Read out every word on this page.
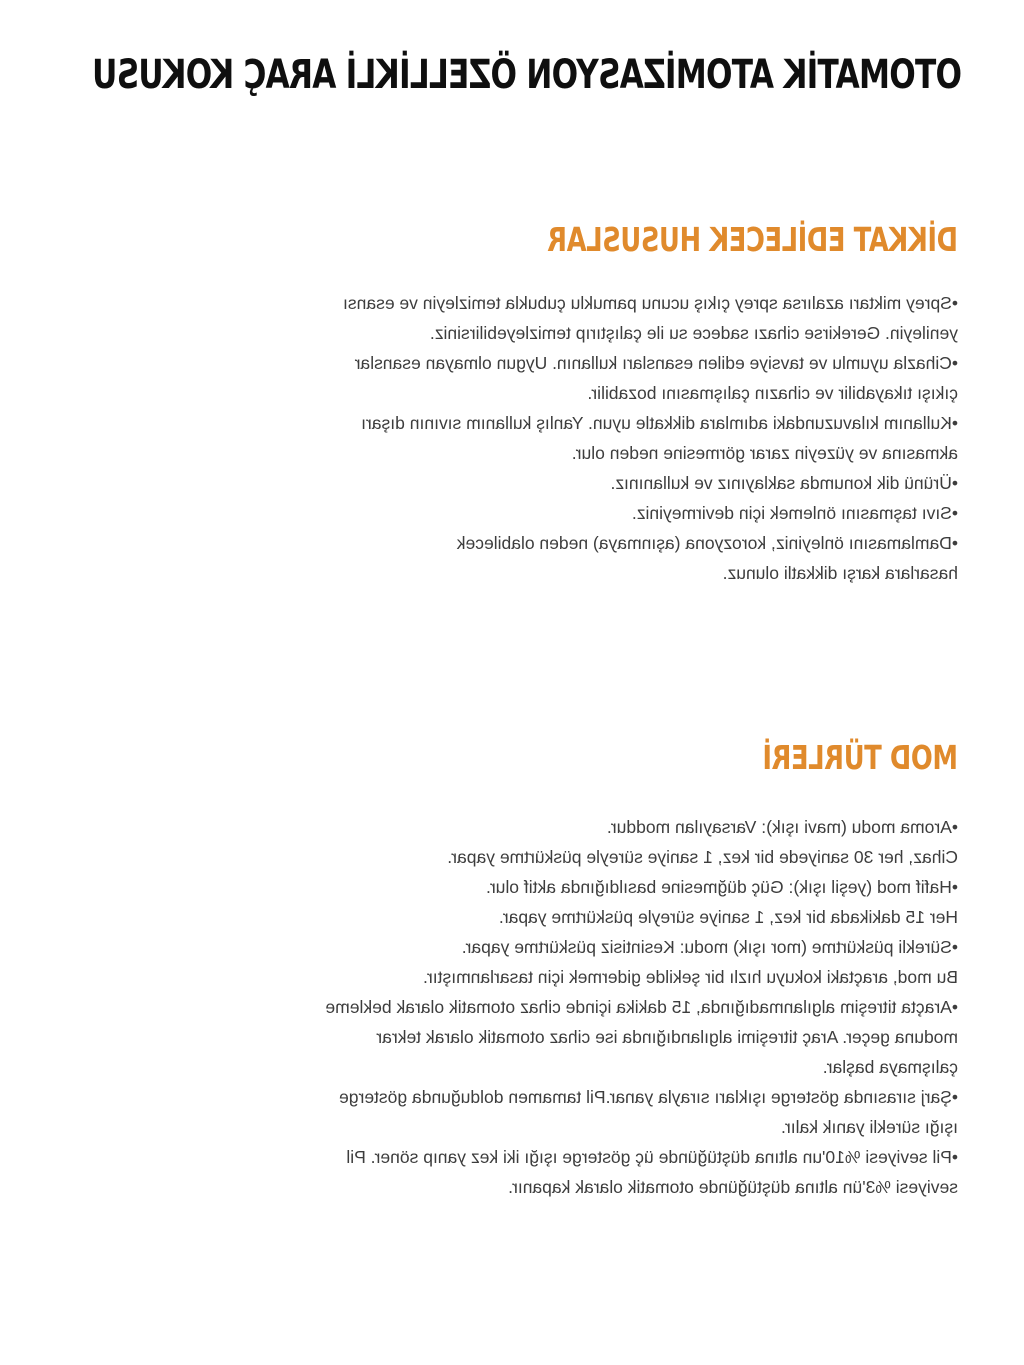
OTOMATİK ATOMİZASYON ÖZELLİKLİ ARAÇ KOKUSU
DİKKAT EDİLECEK HUSUSLAR
•Sprey miktarı azalırsa sprey çıkış ucunu pamuklu çubukla temizleyin ve esansı
yenileyin. Gerekirse cihazı sadece su ile çalıştırıp temizleyebilirsiniz.
•Cihazla uyumlu ve tavsiye edilen esansları kullanın. Uygun olmayan esanslar
çıkışı tıkayabilir ve cihazın çalışmasını bozabilir.
•Kullanım kılavuzundaki adımlara dikkatle uyun. Yanlış kullanım sıvının dışarı
akmasına ve yüzeyin zarar görmesine neden olur.
•Ürünü dik konumda saklayınız ve kullanınız.
•Sıvı taşmasını önlemek için devirmeyiniz.
•Damlamasını önleyiniz, korozyona (aşınmaya) neden olabilecek
hasarlara karşı dikkatli olunuz.
MOD TÜRLERİ
•Aroma modu (mavi ışık): Varsayılan moddur.
Cihaz, her 30 saniyede bir kez, 1 saniye süreyle püskürtme yapar.
•Hafif mod (yeşil ışık): Güç düğmesine basıldığında aktif olur.
Her 15 dakikada bir kez, 1 saniye süreyle püskürtme yapar.
•Sürekli püskürtme (mor ışık) modu: Kesintisiz püskürtme yapar.
Bu mod, araçtaki kokuyu hızlı bir şekilde gidermek için tasarlanmıştır.
•Araçta titreşim algılanmadığında, 15 dakika içinde cihaz otomatik olarak bekleme
moduna geçer. Araç titreşimi algılandığında ise cihaz otomatik olarak tekrar
çalışmaya başlar.
•Şarj sırasında gösterge ışıkları sırayla yanar.Pil tamamen dolduğunda gösterge
ışığı sürekli yanık kalır.
•Pil seviyesi %10'un altına düştüğünde üç gösterge ışığı iki kez yanıp söner. Pil
seviyesi %3'ün altına düştüğünde otomatik olarak kapanır.
